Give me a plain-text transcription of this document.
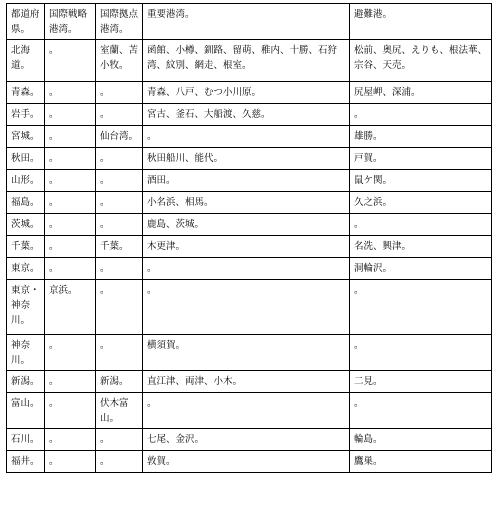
都道府県。	国際戦略港湾。	国際拠点港湾。	重要港湾。	避難港。
北海道。	。	室蘭、苫小牧。	函館、小樽、釧路、留萌、稚内、十勝、石狩湾、紋別、網走、根室。	松前、奥尻、えりも、根法華、宗谷、天売。
青森。	。	。	青森、八戸、むつ小川原。	尻屋岬、深浦。
岩手。	。	。	宮古、釜石、大船渡、久慈。	。
宮城。	。	仙台湾。	。	雄勝。
秋田。	。	。	秋田船川、能代。	戸賀。
山形。	。	。	酒田。	鼠ケ関。
福島。	。	。	小名浜、相馬。	久之浜。
茨城。	。	。	鹿島、茨城。	。
千葉。	。	千葉。	木更津。	名洗、興津。
東京。	。	。	。	洞輪沢。
東京・神奈川。	京浜。	。	。	。
神奈川。	。	。	横須賀。	。
新潟。	。	新潟。	直江津、両津、小木。	二見。
富山。	。	伏木富山。	。	。
石川。	。	。	七尾、金沢。	輪島。
福井。	。	。	敦賀。	鷹巣。
